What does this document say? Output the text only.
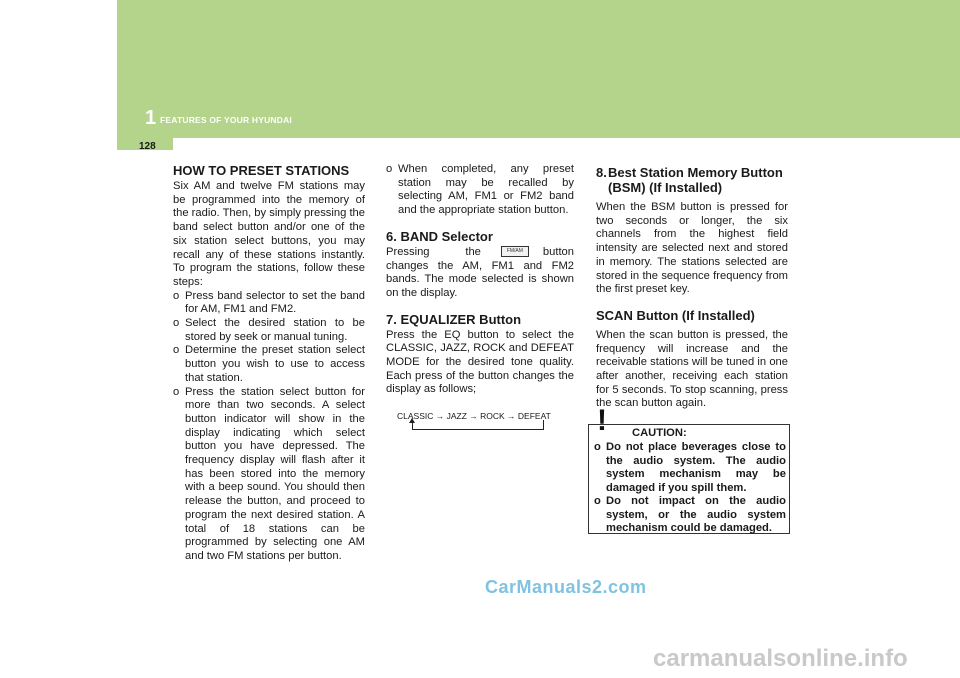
1 FEATURES OF YOUR HYUNDAI
128
HOW TO PRESET STATIONS

Six AM and twelve FM stations may be programmed into the memory of the radio. Then, by simply pressing the band select button and/or one of the six station select buttons, you may recall any of these stations instantly. To program the stations, follow these steps:

o Press band selector to set the band for AM, FM1 and FM2.
o Select the desired station to be stored by seek or manual tuning.
o Determine the preset station select button you wish to use to access that station.
o Press the station select button for more than two seconds. A select button indicator will show in the display indicating which select button you have depressed. The frequency display will flash after it has been stored into the memory with a beep sound. You should then release the button, and proceed to program the next desired station. A total of 18 stations can be programmed by selecting one AM and two FM stations per button.
o When completed, any preset station may be recalled by selecting AM, FM1 or FM2 band and the appropriate station button.
6. BAND Selector

Pressing the	FM/AM button changes the AM, FM1 and FM2 bands. The mode selected is shown on the display.

7. EQUALIZER Button

Press the EQ button to select the CLASSIC, JAZZ, ROCK and DEFEAT MODE for the desired tone quality. Each press of the button changes the display as follows;

CLASSIC → JAZZ → ROCK → DEFEAT
8. Best Station Memory Button (BSM) (If Installed)

When the BSM button is pressed for two seconds or longer, the six channels from the highest field intensity are selected next and stored in memory. The stations selected are stored in the sequence frequency from the first preset key.

SCAN Button (If Installed)

When the scan button is pressed, the frequency will increase and the receivable stations will be tuned in one after another, receiving each station for 5 seconds. To stop scanning, press the scan button again.

! CAUTION:
o Do not place beverages close to the audio system. The audio system mechanism may be damaged if you spill them.
o Do not impact on the audio system, or the audio system mechanism could be damaged.
CarManuals2.com
carmanualsonline.info
